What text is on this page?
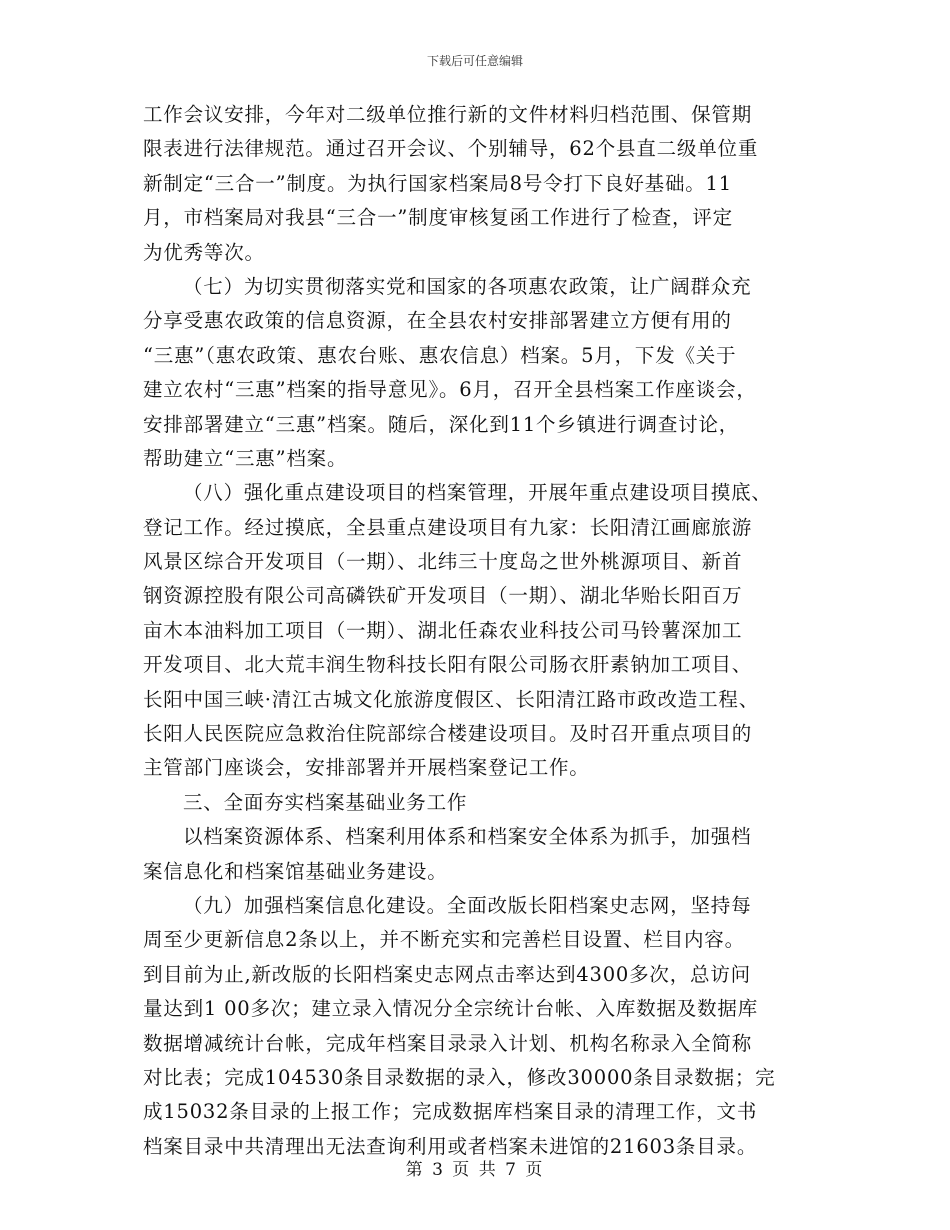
下载后可任意编辑
工作会议安排，今年对二级单位推行新的文件材料归档范围、保管期
限表进行法律规范。通过召开会议、个别辅导，62个县直二级单位重
新制定“三合一”制度。为执行国家档案局8号令打下良好基础。11
月，市档案局对我县“三合一”制度审核复函工作进行了检查，评定
为优秀等次。
（七）为切实贯彻落实党和国家的各项惠农政策，让广阔群众充
分享受惠农政策的信息资源，在全县农村安排部署建立方便有用的
“三惠”（惠农政策、惠农台账、惠农信息）档案。5月，下发《关于
建立农村“三惠”档案的指导意见》。6月，召开全县档案工作座谈会，
安排部署建立“三惠”档案。随后，深化到11个乡镇进行调查讨论，
帮助建立“三惠”档案。
（八）强化重点建设项目的档案管理，开展年重点建设项目摸底、
登记工作。经过摸底，全县重点建设项目有九家：长阳清江画廊旅游
风景区综合开发项目（一期）、北纬三十度岛之世外桃源项目、新首
钢资源控股有限公司高磷铁矿开发项目（一期）、湖北华贻长阳百万
亩木本油料加工项目（一期）、湖北任森农业科技公司马铃薯深加工
开发项目、北大荒丰润生物科技长阳有限公司肠衣肝素钠加工项目、
长阳中国三峡·清江古城文化旅游度假区、长阳清江路市政改造工程、
长阳人民医院应急救治住院部综合楼建设项目。及时召开重点项目的
主管部门座谈会，安排部署并开展档案登记工作。
三、全面夯实档案基础业务工作
以档案资源体系、档案利用体系和档案安全体系为抓手，加强档
案信息化和档案馆基础业务建设。
（九）加强档案信息化建设。全面改版长阳档案史志网，坚持每
周至少更新信息2条以上，并不断充实和完善栏目设置、栏目内容。
到目前为止,新改版的长阳档案史志网点击率达到4300多次，总访问
量达到1 00多次；建立录入情况分全宗统计台帐、入库数据及数据库
数据增减统计台帐，完成年档案目录录入计划、机构名称录入全简称
对比表；完成104530条目录数据的录入，修改30000条目录数据；完
成15032条目录的上报工作；完成数据库档案目录的清理工作，文书
档案目录中共清理出无法查询利用或者档案未进馆的21603条目录。
第 3 页 共 7 页
